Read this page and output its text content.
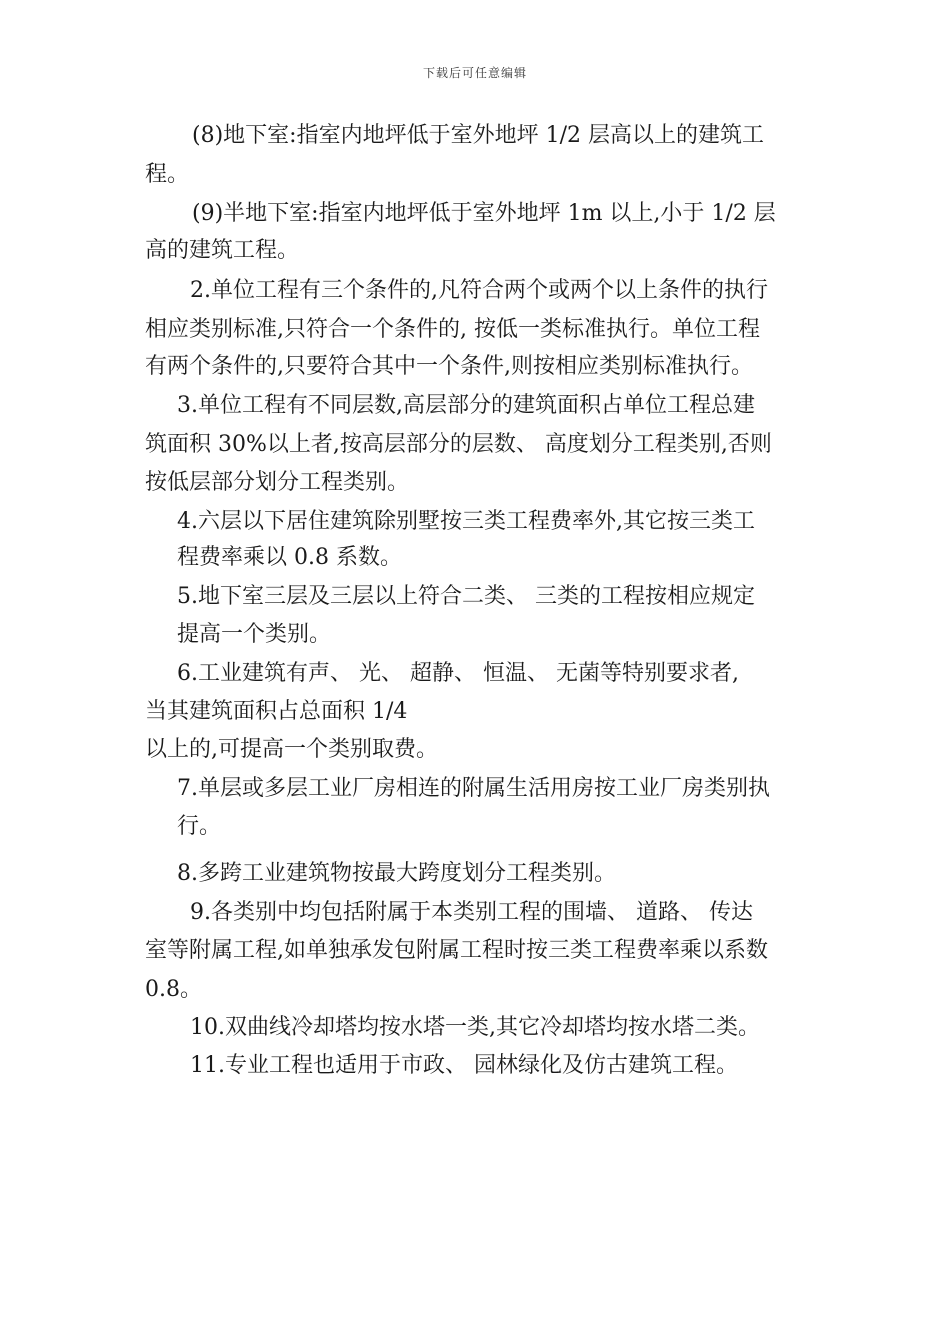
下载后可任意编辑
(8)地下室:指室内地坪低于室外地坪 1/2 层高以上的建筑工
程。
(9)半地下室:指室内地坪低于室外地坪 1m 以上,小于 1/2 层
高的建筑工程。
2.单位工程有三个条件的,凡符合两个或两个以上条件的执行
相应类别标准,只符合一个条件的, 按低一类标准执行。单位工程
有两个条件的,只要符合其中一个条件,则按相应类别标准执行。
3.单位工程有不同层数,高层部分的建筑面积占单位工程总建
筑面积 30%以上者,按高层部分的层数、 高度划分工程类别,否则
按低层部分划分工程类别。
4.六层以下居住建筑除别墅按三类工程费率外,其它按三类工
程费率乘以 0.8 系数。
5.地下室三层及三层以上符合二类、 三类的工程按相应规定
提高一个类别。
6.工业建筑有声、 光、 超静、 恒温、 无菌等特别要求者,
当其建筑面积占总面积 1/4
以上的,可提高一个类别取费。
7.单层或多层工业厂房相连的附属生活用房按工业厂房类别执
行。
8.多跨工业建筑物按最大跨度划分工程类别。
9.各类别中均包括附属于本类别工程的围墙、 道路、 传达
室等附属工程,如单独承发包附属工程时按三类工程费率乘以系数
0.8。
10.双曲线冷却塔均按水塔一类,其它冷却塔均按水塔二类。
11.专业工程也适用于市政、 园林绿化及仿古建筑工程。
